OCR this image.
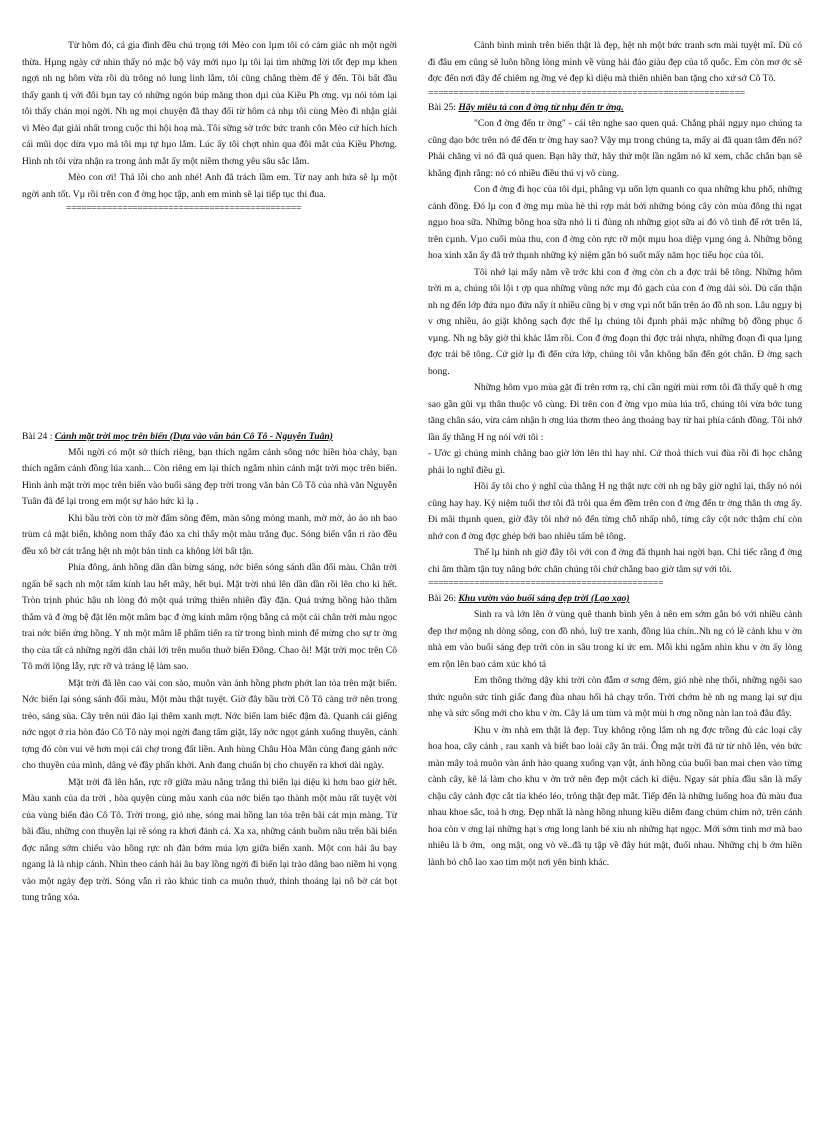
Từ hôm đó, cả gia đình đều chú trọng tới Mèo con lµm tôi có cảm giác nh một ngời thừa. Hµng ngày cứ nhìn thấy nó mặc bộ váy mới nµo lµ tôi lại tìm những lời tốt đẹp mµ khen ngợi nh ng hôm vừa rồi dù trông nó lung linh lắm, tôi cũng chẳng thèm để ý đến. Tôi bất đầu thấy ganh tị với đôi bµn tay có những ngón búp măng thon dµi của Kiều Ph ơng. vµ nói tóm lại tôi thấy chán mọi ngời. Nh ng mọi chuyện đã thay đổi từ hôm cả nhµ tôi cùng Mèo đi nhận giải vì Mèo đạt giải nhất trong cuộc thi hội hoạ mà. Tôi sững sờ trớc bức tranh côn Mèo cứ hích hích cái mũi dọc dừa vµo má tôi mµ tự hµo lắm. Lúc ấy tôi chợt nhìn qua đôi mắt của Kiều Phơng. Hình nh tôi vừa nhận ra trong ảnh mắt ấy một niềm thơng yêu sâu sắc lắm.

Mèo con ơi! Thả lỗi cho anh nhé! Anh đã trách lầm em. Từ nay anh hứa sẽ lµ một ngời anh tốt. Vµ rồi trên con đ ờng học tập, anh em mình sẽ lại tiếp tục thi đua.

==============================================
Bài 24 : Cảnh mặt trời mọc trên biển (Dựa vào văn bản Cô Tô - Nguyễn Tuân)

Mỗi ngời có một sở thích riêng, bạn thích ngắm cảnh sông nớc hiền hòa chảy, bạn thích ngắm cánh đồng lúa xanh... Còn riêng em lại thích ngắm nhìn cảnh mặt trời mọc trên biển. Hình ảnh mặt trời mọc trên biển vào buổi sáng đẹp trời trong văn bản Cô Tô của nhà văn Nguyễn Tuân đã để lại trong em một sự háo hức kì lạ .

Khi bầu trời còn tờ mờ đẩm sông đêm, màn sông mỏng manh, mờ mờ, ảo ảo nh bao trùm cả mặt biển, không nom thấy đảo xa chỉ thấy một màu trắng đục. Sóng biển vẫn rì rào đều đều xô bờ cát trắng hệt nh một bản tình ca không lời bất tận.

Phía đông, ánh hồng dần dần bừng sáng, nớc biển sóng sánh dần đổi màu. Chân trời ngấn bể sạch nh một tấm kính lau hết mây, hết bụi. Mặt trời nhú lên dần dần rồi lên cho kì hết. Tròn trịnh phúc hậu nh lòng đỏ một quả trứng thiên nhiên đầy đặn. Quả trứng hồng hào thăm thẳm và đ ờng bệ đặt lên một mâm bạc đ ờng kính mâm rộng bằng cả một cái chân trời màu ngọc trai nớc biển ửng hồng. Y nh một mâm lễ phẩm tiến ra từ trong bình minh để mừng cho sự tr ờng thọ của tất cả những ngời dân chài lới trên muôn thuở biển Đông. Chao ôi! Mặt trời mọc trên Cô Tô mới lộng lẫy, rực rỡ và tráng lệ làm sao.

Mặt trời đã lên cao vài con sào, muôn vàn ánh hồng phơn phớt lan tỏa trên mặt biển. Nớc biển lại sóng sánh đổi màu, Một màu thật tuyệt. Giờ đây bầu trời Cô Tô càng trở nên trong trẻo, sáng sủa. Cây trên núi đảo lại thêm xanh mợt. Nớc biển lam biếc đậm đà. Quanh cái giếng nớc ngọt ở ria hòn đảo Cô Tô này mọi ngời đang tấm giặt, lấy nớc ngọt gánh xuống thuyền, cảnh tợng đó còn vui vẻ hơn mọi cái chợ trong đất liền. Anh hùng Châu Hòa Mãn cùng đang gánh nớc cho thuyền của mình, dâng vẻ đầy phấn khởi. Anh đang chuẩn bị cho chuyến ra khơi dài ngày.

Mặt trời đã lên hẳn, rực rỡ giữa màu nắng trắng thì biển lại diệu kì hơn bao giờ hết. Màu xanh của da trời , hòa quyện cùng màu xanh của nớc biển tạo thành một màu rất tuyệt vời của vùng biển đảo Cô Tô. Trời trong, gió nhẹ, sóng mai hồng lan tỏa trên bãi cát mịn màng. Từ bãi đầu, những con thuyền lại rẽ sóng ra khơi đánh cá. Xa xa, những cánh buồm nâu trên bãi biển đợc nắng sớm chiếu vào hồng rực nh đàn bớm múa lợn giữa biển xanh. Một con hải âu bay ngang là là nhịp cánh. Nhìn theo cánh hải âu bay lồng ngời đi biển lại trào dâng bao niềm hi vọng vào một ngày đẹp trời. Sóng vẫn rì rào khúc tình ca muôn thuở, thỉnh thoảng lại nô bờ cát bọt tung trắng xóa.

Cảnh bình minh trên biển thật là đẹp, hệt nh một bức tranh sơn mài tuyệt mĩ. Dù có đi đâu em cũng sẽ luôn hồng lòng mình về vùng hải đảo giàu đẹp của tổ quốc. Em còn mơ ớc sẽ đợc đến nơi đây để chiêm ng ỡng vẻ đẹp kì diệu mà thiên nhiên ban tặng cho xứ sở Cô Tô.

==============================================================
Bài 25: Hãy miêu tả con đ ờng từ nhµ đến tr ờng.

"Con đ ờng đến tr ờng" - cái tên nghe sao quen quá. Chẳng phải ngµy nµo chúng ta cũng dạo bớc trên nó để đến tr ờng hay sao? Vậy mµ trong chúng ta, mấy ai đã quan tâm đến nó? Phải chăng vì nó đã quá quen. Bạn hãy thử, hãy thử một lần ngắm nó kĩ xem, chắc chắn bạn sẽ khẳng định rằng: nó có nhiều điều thú vị vô cùng.

Con đ ờng đi học của tôi dµi, phẳng vµ uốn lợn quanh co qua những khu phố, những cánh đồng. Đó lµ con đ ờng mµ mùa hè thì rợp mát bởi những bóng cây còn mùa đông thì ngạt ngµo hoa sữa. Những bông hoa sữa nhỏ li ti đủng nh những giọt sữa ai đó vô tình để rớt trên lá, trên cµnh. Vµo cuối mùa thu, con đ ờng còn rực rỡ một mµu hoa diệp vµng óng ả. Những bông hoa xinh xắn ấy đã trở thµnh những kỷ niệm gắn bó suốt mấy năm học tiểu học của tôi.

Tôi nhớ lại mấy năm về trớc khi con đ ờng còn ch a đợc trải bê tông. Những hôm trời m a, chúng tôi lội t ợp qua những vũng nớc mµ đỏ gạch của con đ ờng dài sỏi. Dù cẩn thận nh ng đến lớp đứa nµo đứa nấy ít nhiều cũng bị v ơng vµi nốt bẩn trên áo đồ nh son. Lâu ngµy bị v ơng nhiều, áo giặt không sạch đợc thế lµ chúng tôi đµnh phải mặc những bộ đồng phục ố vµng. Nh ng bây giờ thì khác lắm rồi. Con đ ờng đoạn thì đợc trải nhựa, những đoạn đi qua lµng đợc trải bê tông. Cứ giờ lµ đi đến cửa lớp, chúng tôi vẫn không bẩn đến gót chân. Đ ờng sạch bong.

Những hôm vµo mùa gặt đi trên rơm rạ, chỉ cần ngửi mùi rơm tôi đã thấy quê h ơng sao gần gũi vµ thân thuộc vô cùng. Đi trên con đ ờng vµo mùa lúa trổ, chúng tôi vừa bớc tung tăng chân sáo, vừa cảm nhận h ơng lúa thơm theo ảng thoảng bay từ hai phía cánh đồng. Tôi nhớ lần ấy thằng H ng nói với tôi :

- Ước gì chúng mình chẳng bao giờ lớn lên thì hay nhỉ. Cứ thoả thích vui đùa rồi đi học chẳng phải lo nghĩ điều gì.

Hồi ấy tôi cho ý nghĩ của thằng H ng thật nực cời nh ng bây giờ nghĩ lại, thấy nó nói cũng hay hay. Kỷ niệm tuổi thơ tôi đã trôi qua êm đềm trên con đ ờng đến tr ờng thân th ơng ấy. Đi mãi thµnh quen, giờ đây tôi nhớ nó đến từng chỗ nhấp nhô, từng cây cột nớc thậm chí còn nhớ con đ ờng đợc ghép bởi bao nhiêu tấm bê tông.

Thế lµ hình nh giờ đây tôi với con đ ờng đã thµnh hai ngời bạn. Chỉ tiếc rằng đ ờng chỉ âm thầm tận tuỵ nâng bớc chân chúng tôi chứ chẳng bao giờ tâm sự với tôi.

==============================================
Bài 26: Khu vườn vào buổi sáng đẹp trời (Lạo xạo)

Sinh ra và lớn lên ở vùng quê thanh bình yên ả nên em sớm gắn bó với nhiều cảnh đẹp thơ mộng nh dòng sông, con đồ nhỏ, luỹ tre xanh, đồng lúa chín..Nh ng có lẽ cảnh khu v ờn nhà em vào buổi sáng đẹp trời còn in sâu trong kí ức em. Mỗi khi ngắm nhìn khu v ờn ấy lòng em rộn lên bao cảm xúc khó tả

Em thông thờng dậy khi trời còn đẫm ơ sơng đêm, gió nhè nhẹ thổi, những ngôi sao thức nguôn sức tỉnh giấc đang đùa nhau hối hả chạy trốn. Trời chớm hè nh ng mang lại sự dịu nhẹ và sức sống mới cho khu v ờn. Cây lá um tùm và một mùi h ơng nồng nàn lan toả đâu đây.

Khu v ờn nhà em thật là đẹp. Tuy không rộng lắm nh ng đợc trồng đủ các loại cây hoa hoa, cây cảnh , rau xanh và biết bao loài cây ăn trái. Ông mặt trời đã từ từ nhô lên, vén bức màn mây toả muôn vàn ánh hào quang xuống vạn vật, ánh hồng của buổi ban mai chen vào từng cành cây, kẽ lá làm cho khu v ờn trở nên đẹp một cách kì diệu. Ngay sát phía đầu sân là mấy chậu cây cảnh đợc cắt tỉa khéo léo, trông thật đẹp mắt. Tiếp đến là những luống hoa đủ màu đua nhau khoe sắc, toả h ơng. Đẹp nhất là nàng hồng nhung kiều diễm đang chúm chím nở, trên cánh hoa còn v ơng lại những hạt s ơng long lanh bé xíu nh những hạt ngọc. Mới sớm tinh mơ mà bao nhiêu là b ớm, ong mật, ong vò vẽ..đã tụ tập về đây hút mật, đuổi nhau. Những chị b ớm hiền lành bỏ chỗ lao xao tìm một nơi yên bình khác.
